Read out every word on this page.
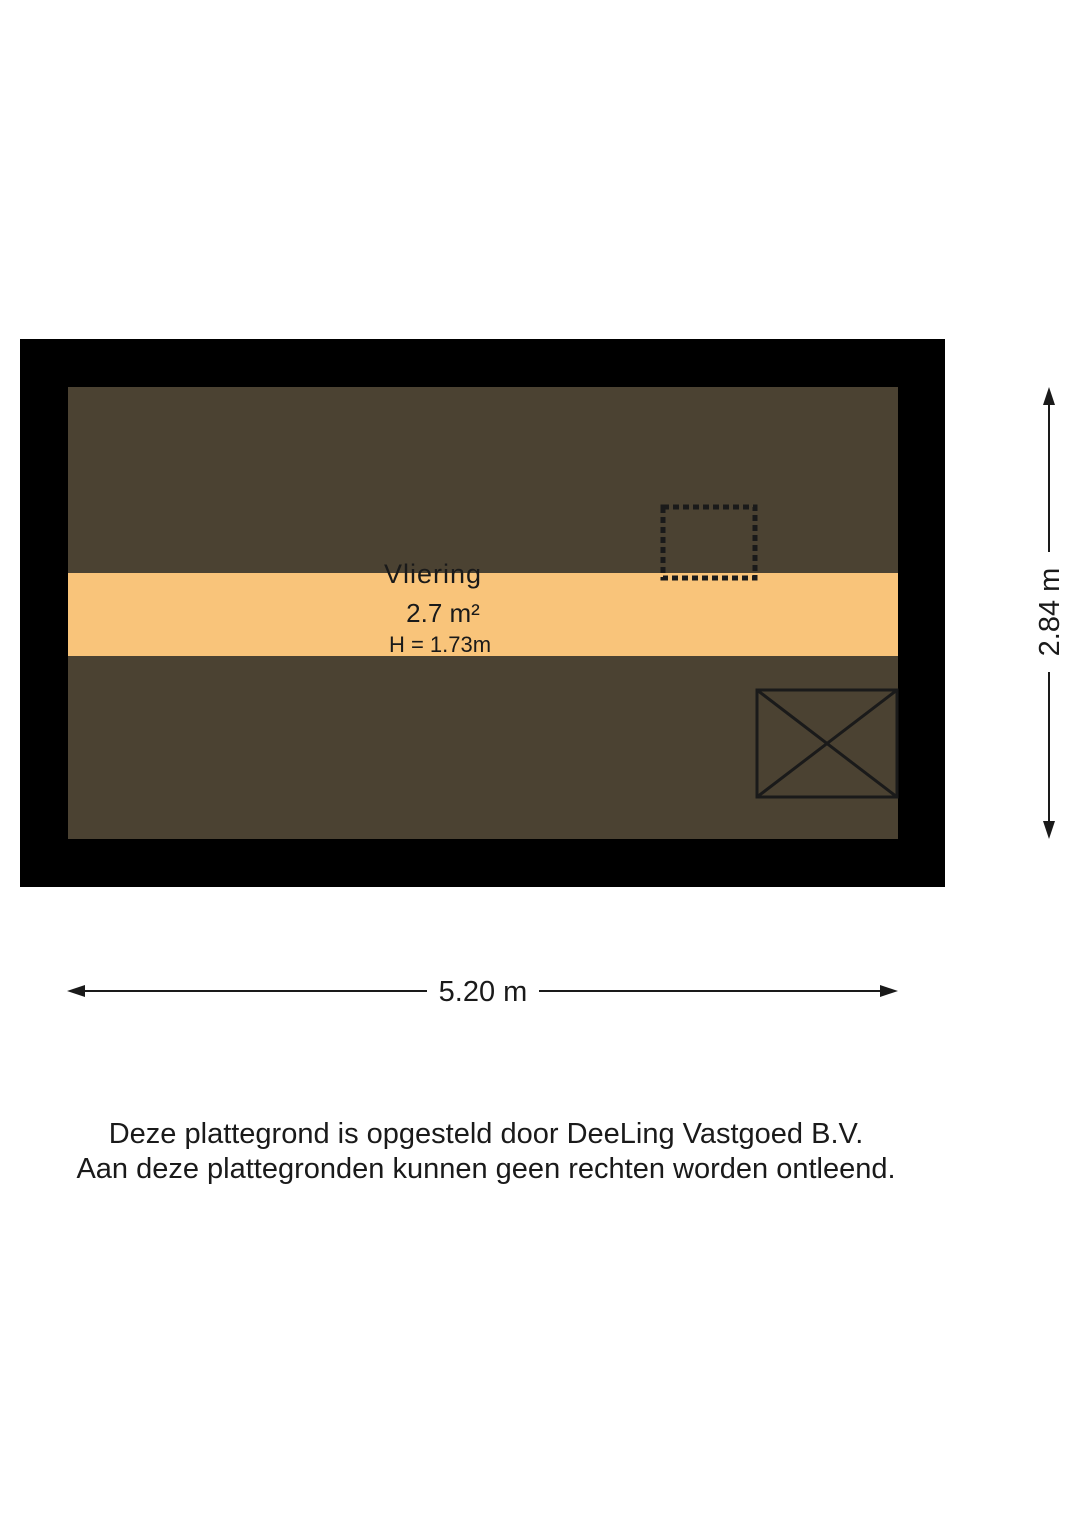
Vliering
2.7 m²
H = 1.73m
5.20 m
2.84 m

Deze plattegrond is opgesteld door DeeLing Vastgoed B.V.

Aan deze plattegronden kunnen geen rechten worden ontleend.
